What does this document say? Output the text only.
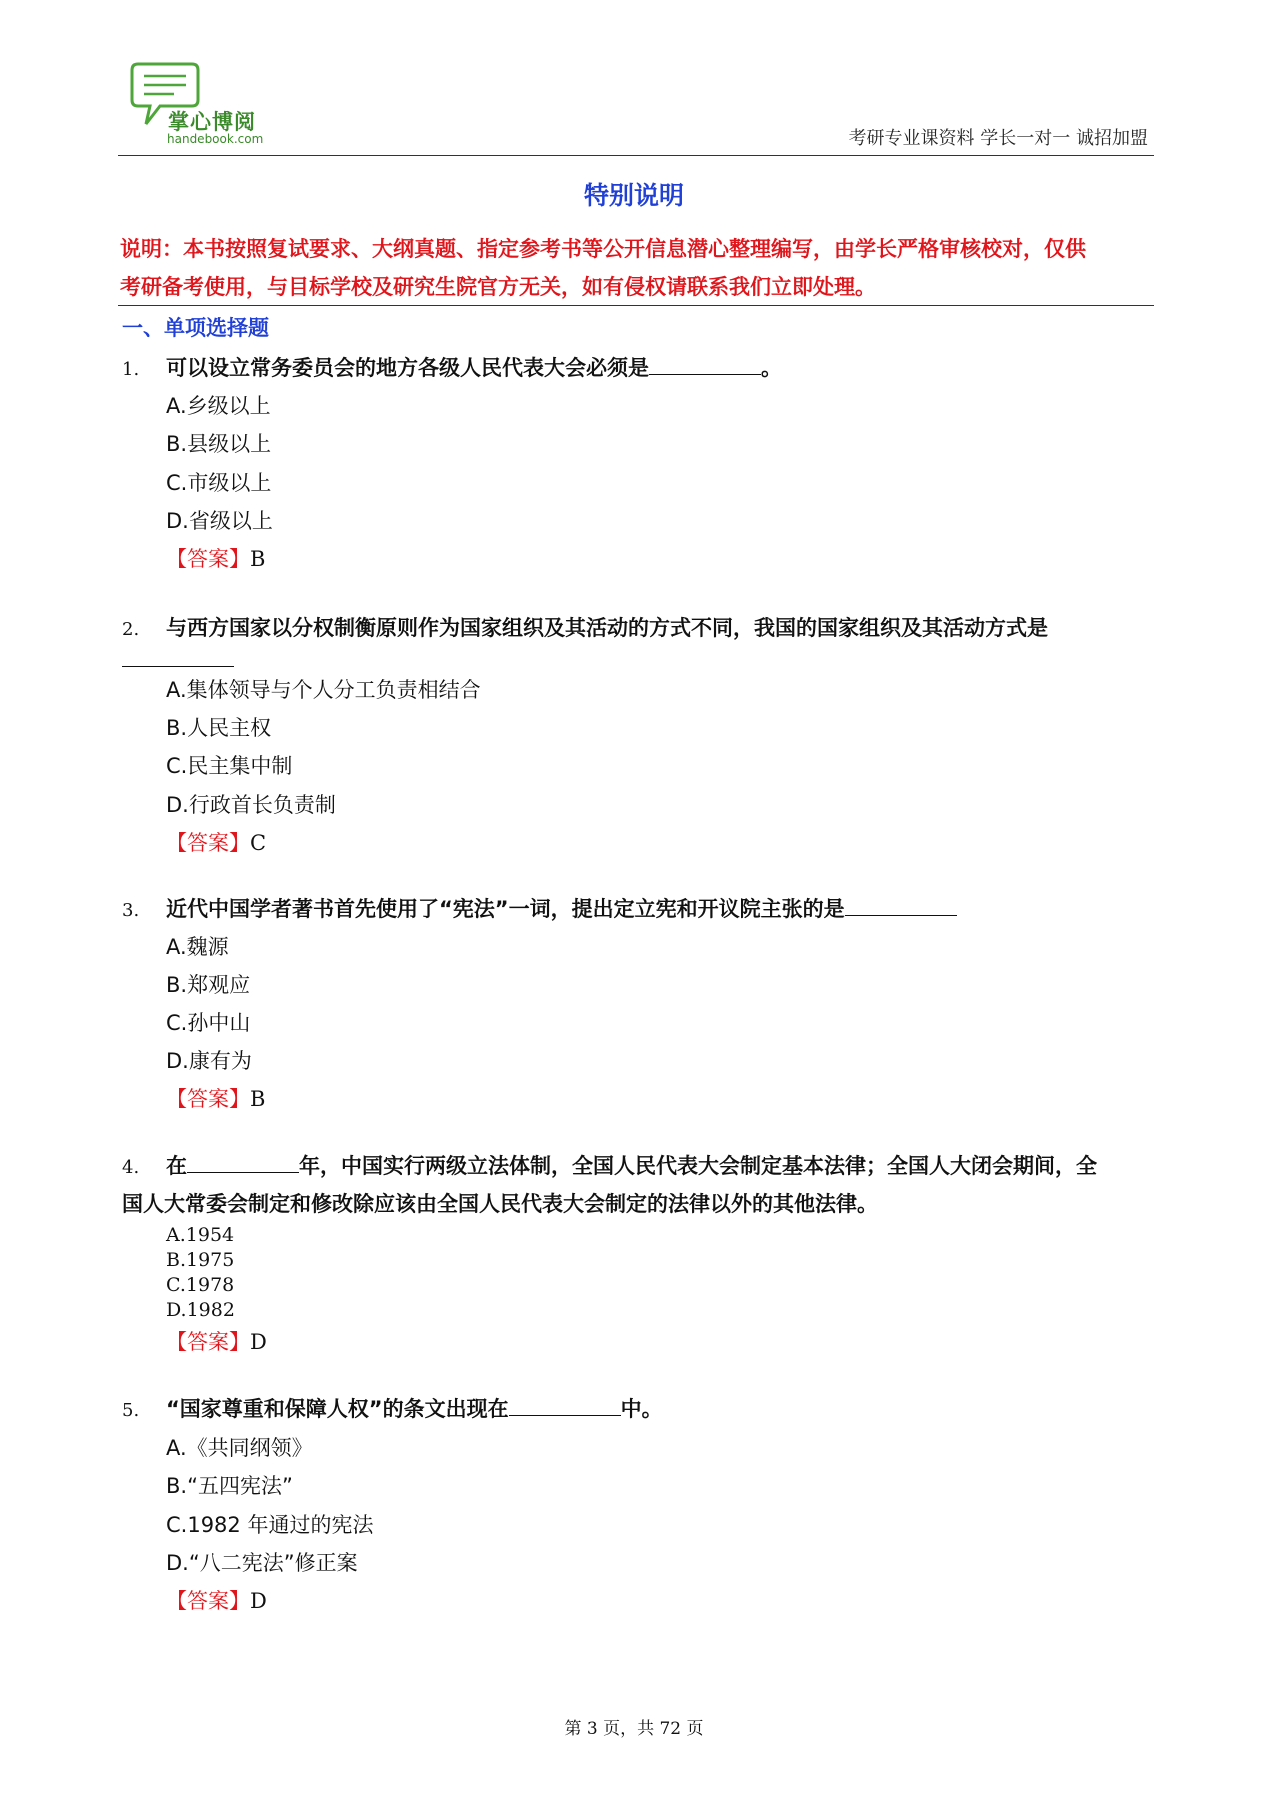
掌心博阅
handebook.com	考研专业课资料 学长一对一 诚招加盟
特别说明
说明：本书按照复试要求、大纲真题、指定参考书等公开信息潜心整理编写，由学长严格审核校对，仅供
考研备考使用，与目标学校及研究生院官方无关，如有侵权请联系我们立即处理。
一、单项选择题
1. 可以设立常务委员会的地方各级人民代表大会必须是	。
A.乡级以上
B.县级以上
C.市级以上
D.省级以上
【答案】B
2. 与西方国家以分权制衡原则作为国家组织及其活动的方式不同，我国的国家组织及其活动方式是
A.集体领导与个人分工负责相结合
B.人民主权
C.民主集中制
D.行政首长负责制
【答案】C
3. 近代中国学者著书首先使用了“宪法”一词，提出定立宪和开议院主张的是
A.魏源
B.郑观应
C.孙中山
D.康有为
【答案】B
4. 在	年，中国实行两级立法体制，全国人民代表大会制定基本法律；全国人大闭会期间，全
国人大常委会制定和修改除应该由全国人民代表大会制定的法律以外的其他法律。
A.1954
B.1975
C.1978
D.1982
【答案】D
5. “国家尊重和保障人权”的条文出现在	中。
A.《共同纲领》
B.“五四宪法”
C.1982 年通过的宪法
D.“八二宪法”修正案
【答案】D
第 3 页，共 72 页
